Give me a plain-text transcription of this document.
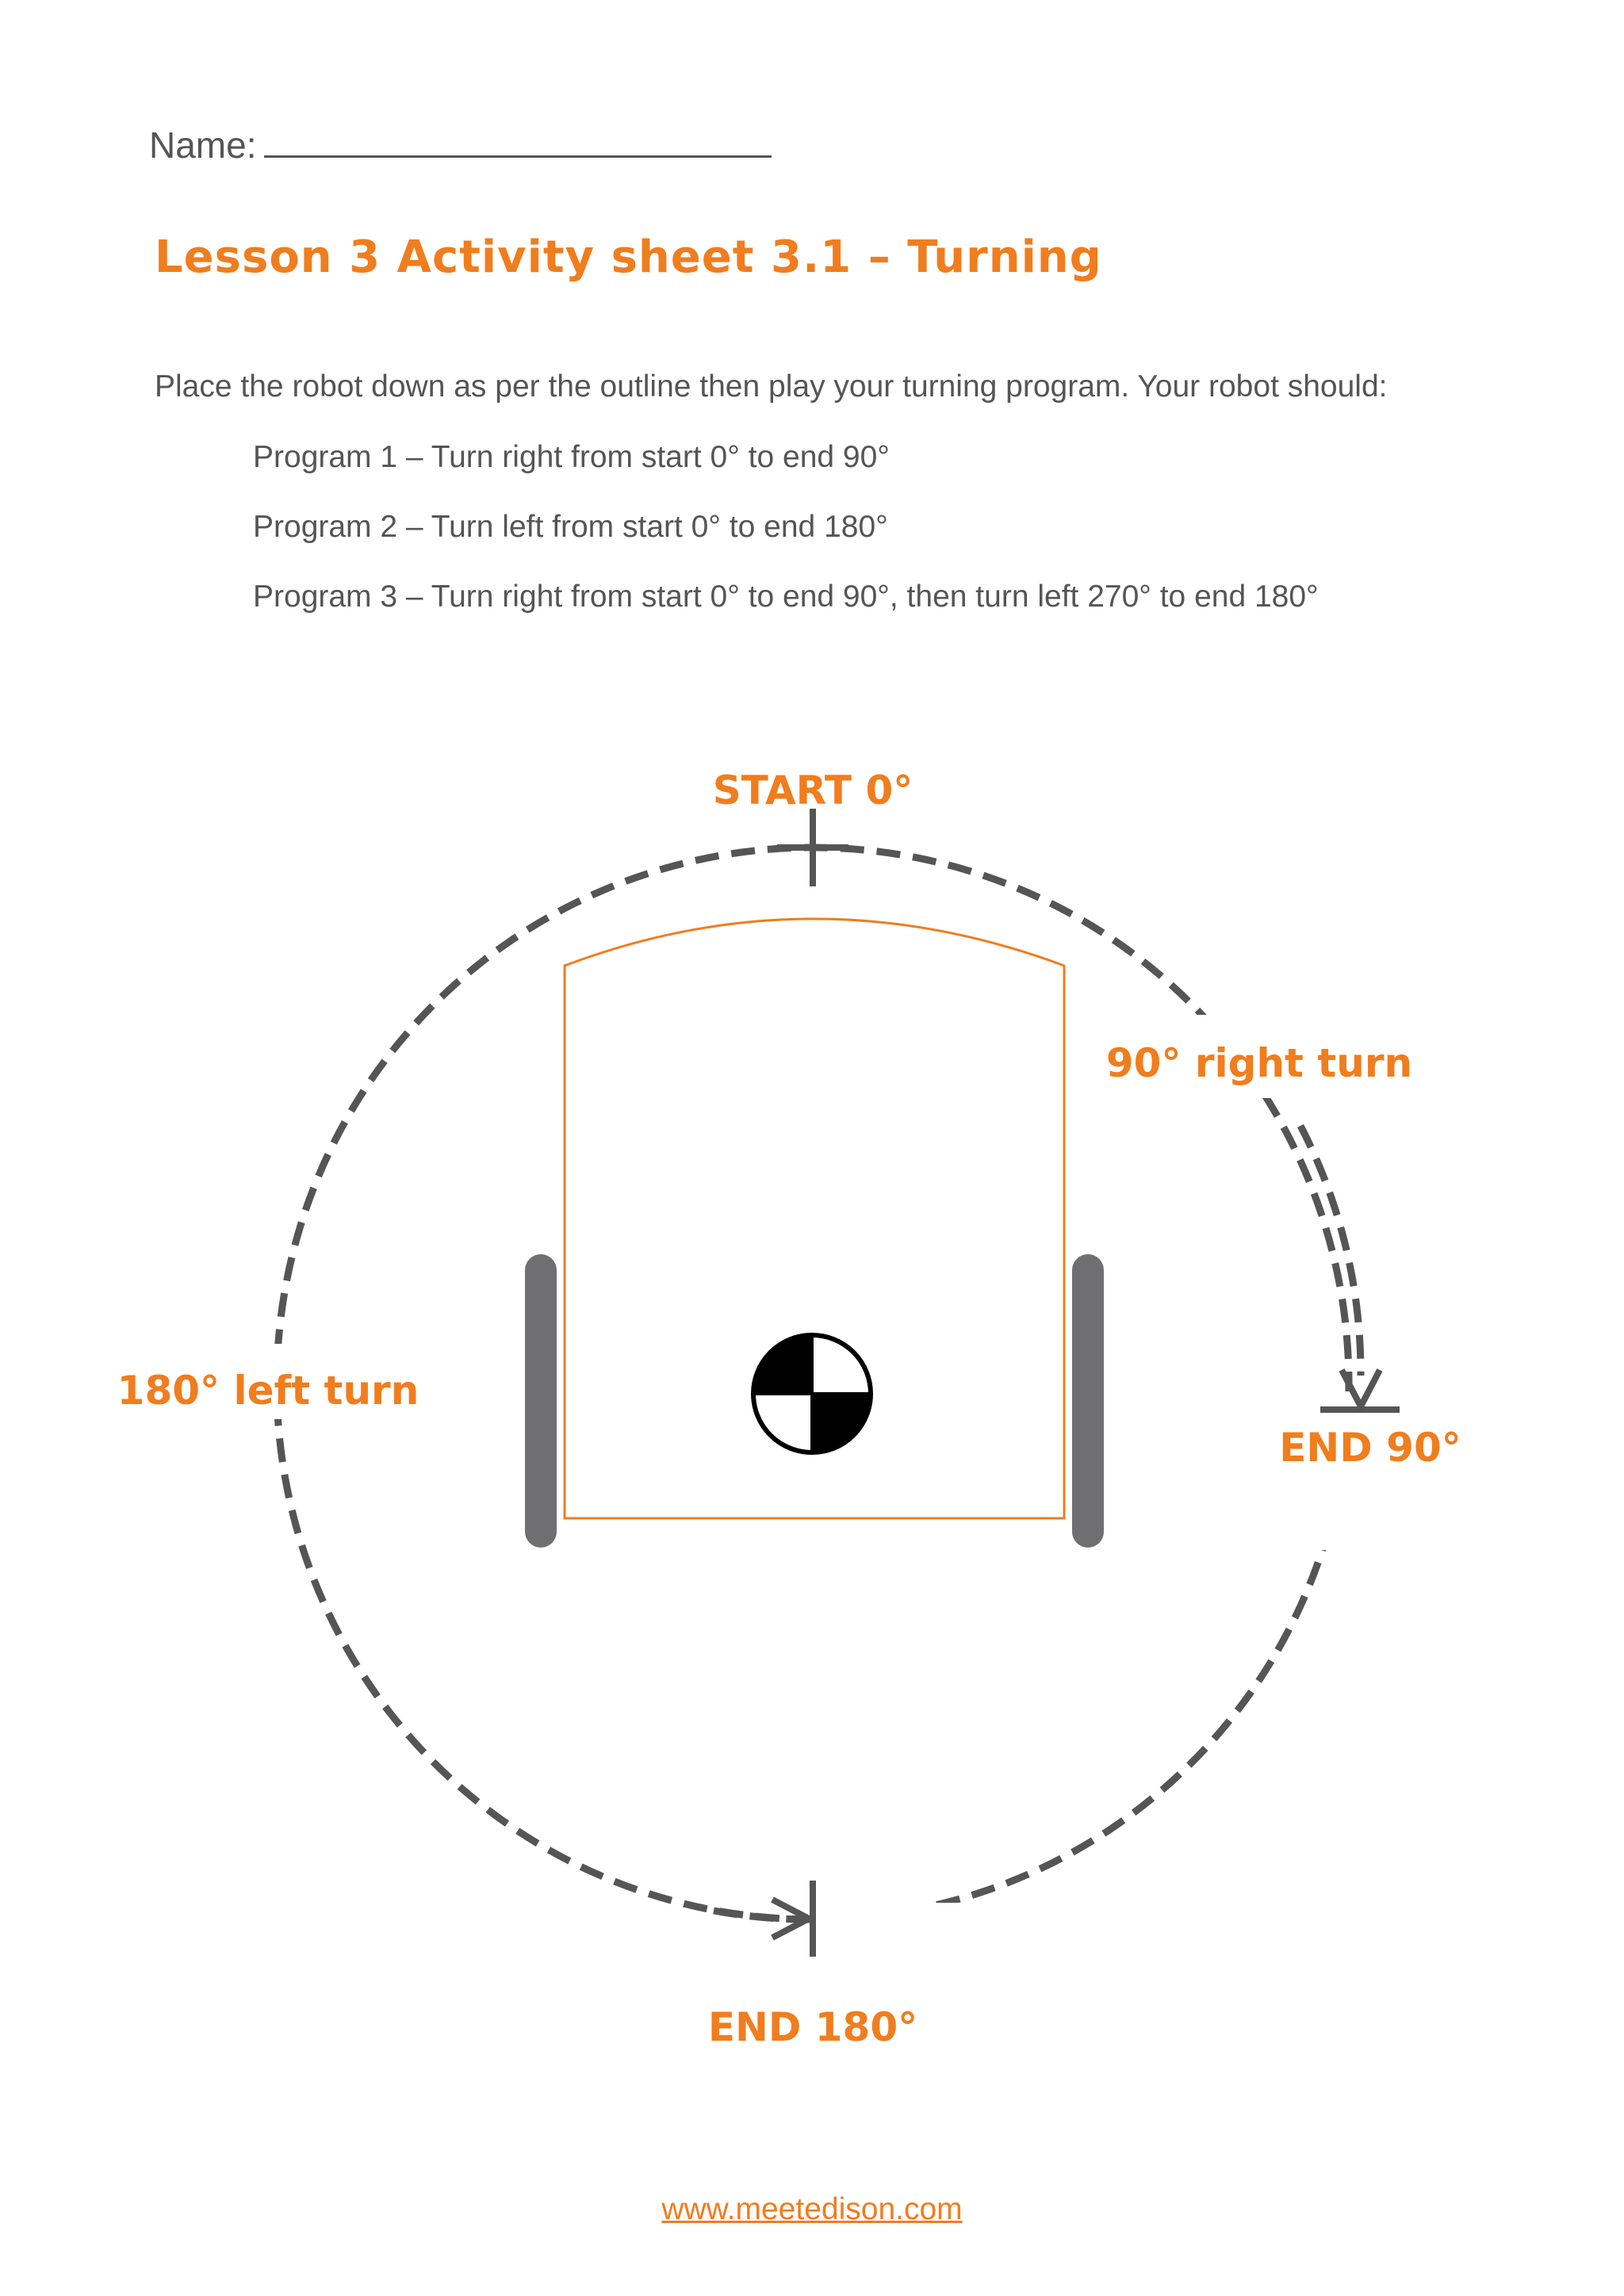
Name:
Lesson 3 Activity sheet 3.1 – Turning
Place the robot down as per the outline then play your turning program. Your robot should:
Program 1 – Turn right from start 0° to end 90°
Program 2 – Turn left from start 0° to end 180°
Program 3 – Turn right from start 0° to end 90°, then turn left 270° to end 180°
START 0°
90° right turn
END 90°
180° left turn
END 180°
www.meetedison.com
